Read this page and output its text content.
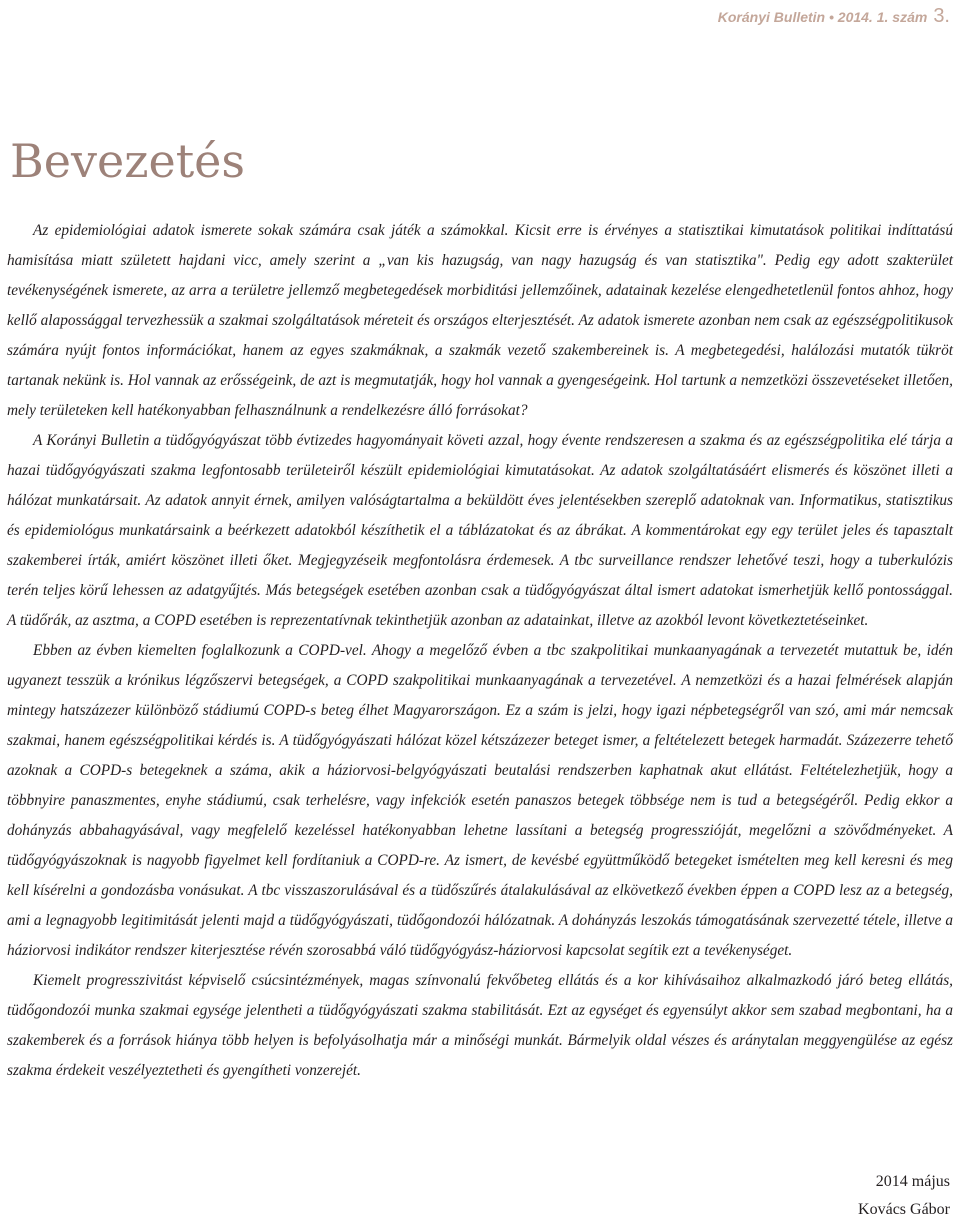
Korányi Bulletin • 2014. 1. szám 3.
Bevezetés

Az epidemiológiai adatok ismerete sokak számára csak játék a számokkal. Kicsit erre is érvényes a statisztikai kimutatások politikai indíttatású hamisítása miatt született hajdani vicc, amely szerint a „van kis hazugság, van nagy hazugság és van statisztika". Pedig egy adott szakterület tevékenységének ismerete, az arra a területre jellemző megbetegedések morbiditási jellemzőinek, adatainak kezelése elengedhetetlenül fontos ahhoz, hogy kellő alapossággal tervezhessük a szakmai szolgáltatások méreteit és országos elterjesztését. Az adatok ismerete azonban nem csak az egészségpolitikusok számára nyújt fontos információkat, hanem az egyes szakmáknak, a szakmák vezető szakembereinek is. A megbetegedési, halálozási mutatók tükröt tartanak nekünk is. Hol vannak az erősségeink, de azt is megmutatják, hogy hol vannak a gyengeségeink. Hol tartunk a nemzetközi összevetéseket illetően, mely területeken kell hatékonyabban felhasználnunk a rendelkezésre álló forrásokat?

A Korányi Bulletin a tüdőgyógyászat több évtizedes hagyományait követi azzal, hogy évente rendszeresen a szakma és az egészségpolitika elé tárja a hazai tüdőgyógyászati szakma legfontosabb területeiről készült epidemiológiai kimutatásokat. Az adatok szolgáltatásáért elismerés és köszönet illeti a hálózat munkatársait. Az adatok annyit érnek, amilyen valóságtartalma a beküldött éves jelentésekben szereplő adatoknak van. Informatikus, statisztikus és epidemiológus munkatársaink a beérkezett adatokból készíthetik el a táblázatokat és az ábrákat. A kommentárokat egy egy terület jeles és tapasztalt szakemberei írták, amiért köszönet illeti őket. Megjegyzéseik megfontolásra érdemesek. A tbc surveillance rendszer lehetővé teszi, hogy a tuberkulózis terén teljes körű lehessen az adatgyűjtés. Más betegségek esetében azonban csak a tüdőgyógyászat által ismert adatokat ismerhetjük kellő pontossággal. A tüdőrák, az asztma, a COPD esetében is reprezentatívnak tekinthetjük azonban az adatainkat, illetve az azokból levont következtetéseinket.

Ebben az évben kiemelten foglalkozunk a COPD-vel. Ahogy a megelőző évben a tbc szakpolitikai munkaanyagának a tervezetét mutattuk be, idén ugyanezt tesszük a krónikus légzőszervi betegségek, a COPD szakpolitikai munkaanyagának a tervezetével. A nemzetközi és a hazai felmérések alapján mintegy hatszázezer különböző stádiumú COPD-s beteg élhet Magyarországon. Ez a szám is jelzi, hogy igazi népbetegségről van szó, ami már nemcsak szakmai, hanem egészségpolitikai kérdés is. A tüdőgyógyászati hálózat közel kétszázezer beteget ismer, a feltételezett betegek harmadát. Százezerre tehető azoknak a COPD-s betegeknek a száma, akik a háziorvosi-belgyógyászati beutalási rendszerben kaphatnak akut ellátást. Feltételezhetjük, hogy a többnyire panaszmentes, enyhe stádiumú, csak terhelésre, vagy infekciók esetén panaszos betegek többsége nem is tud a betegségéről. Pedig ekkor a dohányzás abbahagyásával, vagy megfelelő kezeléssel hatékonyabban lehetne lassítani a betegség progresszióját, megelőzni a szövődményeket. A tüdőgyógyászoknak is nagyobb figyelmet kell fordítaniuk a COPD-re. Az ismert, de kevésbé együttműködő betegeket ismételten meg kell keresni és meg kell kísérelni a gondozásba vonásukat. A tbc visszaszorulásával és a tüdőszűrés átalakulásával az elkövetkező években éppen a COPD lesz az a betegség, ami a legnagyobb legitimitását jelenti majd a tüdőgyógyászati, tüdőgondozói hálózatnak. A dohányzás leszokás támogatásának szervezetté tétele, illetve a háziorvosi indikátor rendszer kiterjesztése révén szorosabbá váló tüdőgyógyász-háziorvosi kapcsolat segítik ezt a tevékenységet.

Kiemelt progresszivitást képviselő csúcsintézmények, magas színvonalú fekvőbeteg ellátás és a kor kihívásaihoz alkalmazkodó járó beteg ellátás, tüdőgondozói munka szakmai egysége jelentheti a tüdőgyógyászati szakma stabilitását. Ezt az egységet és egyensúlyt akkor sem szabad megbontani, ha a szakemberek és a források hiánya több helyen is befolyásolhatja már a minőségi munkát. Bármelyik oldal vészes és aránytalan meggyengülése az egész szakma érdekeit veszélyeztetheti és gyengítheti vonzerejét.

2014 május
Kovács Gábor
